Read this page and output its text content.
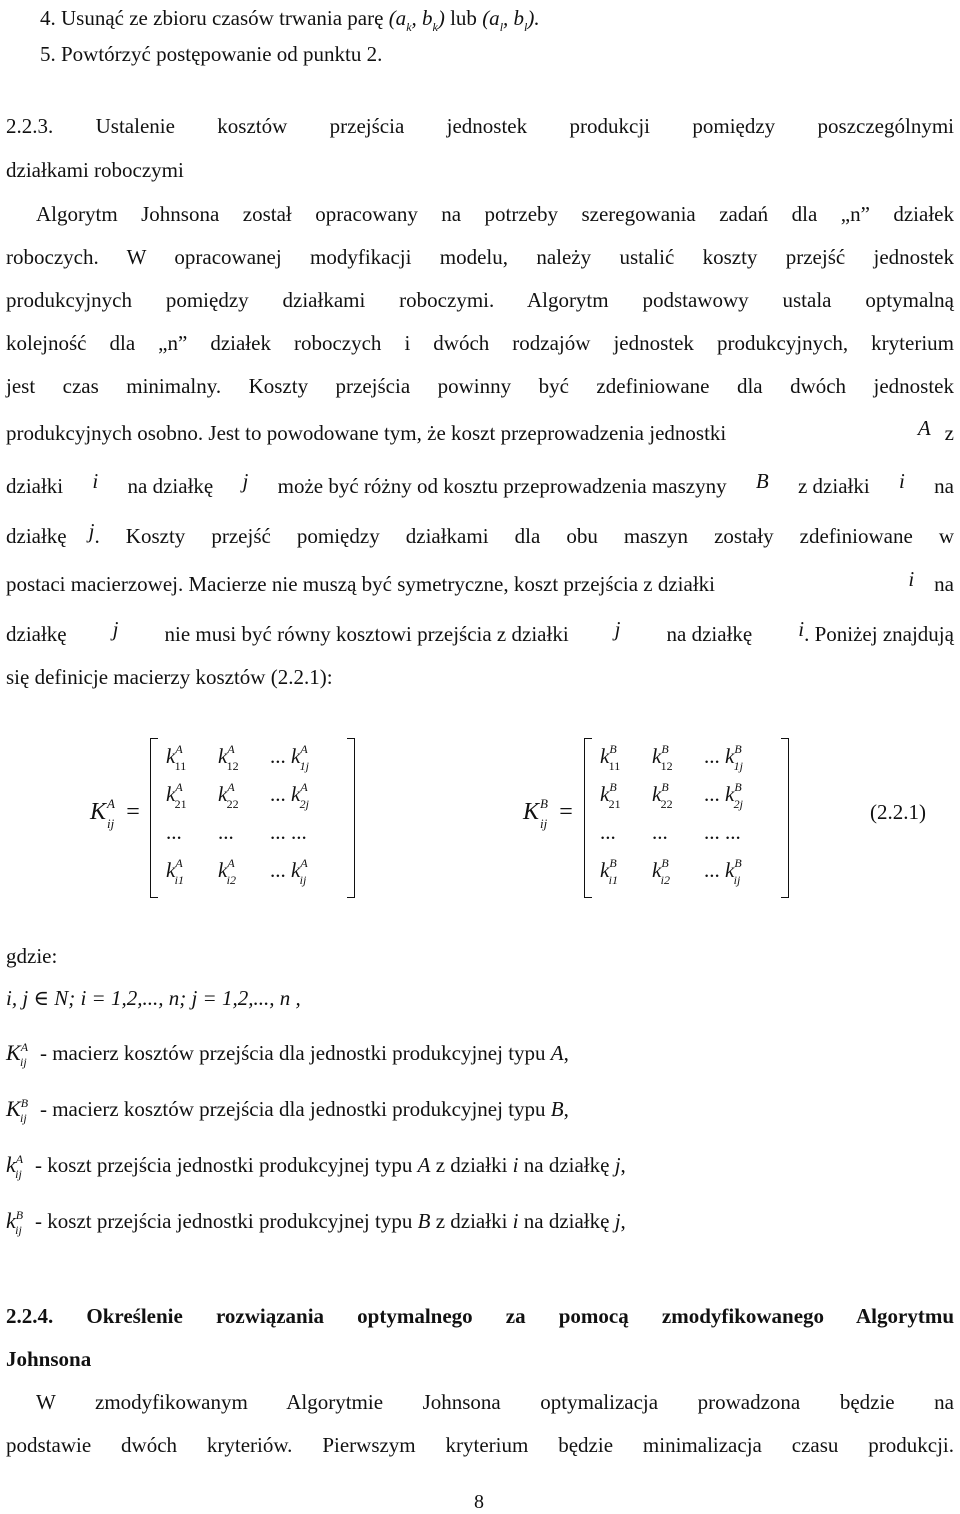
4. Usunąć ze zbioru czasów trwania parę ($a_k$, $b_k$) lub ($a_l$, $b_l$).
5. Powtórzyć postępowanie od punktu 2.
2.2.3. Ustalenie kosztów przejścia jednostek produkcji pomiędzy poszczególnymi
działkami roboczymi
Algorytm Johnsona został opracowany na potrzeby szeregowania zadań dla „n” działek
roboczych. W opracowanej modyfikacji modelu, należy ustalić koszty przejść jednostek
produkcyjnych pomiędzy działkami roboczymi. Algorytm podstawowy ustala optymalną
kolejność dla „n” działek roboczych i dwóch rodzajów jednostek produkcyjnych, kryterium
jest czas minimalny. Koszty przejścia powinny być zdefiniowane dla dwóch jednostek
produkcyjnych osobno. Jest to powodowane tym, że koszt przeprowadzenia jednostki	A z
działki i na działkę j może być różny od kosztu przeprowadzenia maszyny B z działki i na
działkę j . Koszty przejść pomiędzy działkami dla obu maszyn zostały zdefiniowane w
postaci macierzowej. Macierze nie muszą być symetryczne, koszt przejścia z działki	i na
działkę j nie musi być równy kosztowi przejścia z działki j na działkę i. Poniżej znajdują
się definicje macierzy kosztów (2.2.1):
$K^A_{ij}$ =
$k^A_{11}$	$k^A_{12}$	... $k^A_{1j}$
$k^A_{21}$	$k^A_{22}$	... $k^A_{2j}$
...	...	... ...
$k^A_{i1}$	$k^A_{i2}$	... $k^A_{ij}$
$K^B_{ij}$ =
$k^B_{11}$	$k^B_{12}$	... $k^B_{1j}$
$k^B_{21}$	$k^B_{22}$	... $k^B_{2j}$
...	...	... ...
$k^B_{i1}$	$k^B_{i2}$	... $k^B_{ij}$
(2.2.1)
gdzie:
i, j ∈ N; i = 1,2,..., n; j = 1,2,..., n ,
$K^A_{ij}$ - macierz kosztów przejścia dla jednostki produkcyjnej typu A,
$K^B_{ij}$ - macierz kosztów przejścia dla jednostki produkcyjnej typu B,
$k^A_{ij}$ - koszt przejścia jednostki produkcyjnej typu A z działki i na działkę j,
$k^B_{ij}$ - koszt przejścia jednostki produkcyjnej typu B z działki i na działkę j,
2.2.4. Określenie rozwiązania optymalnego za pomocą zmodyfikowanego Algorytmu
Johnsona
W zmodyfikowanym Algorytmie Johnsona optymalizacja prowadzona będzie na
podstawie dwóch kryteriów. Pierwszym kryterium będzie minimalizacja czasu produkcji.
8
